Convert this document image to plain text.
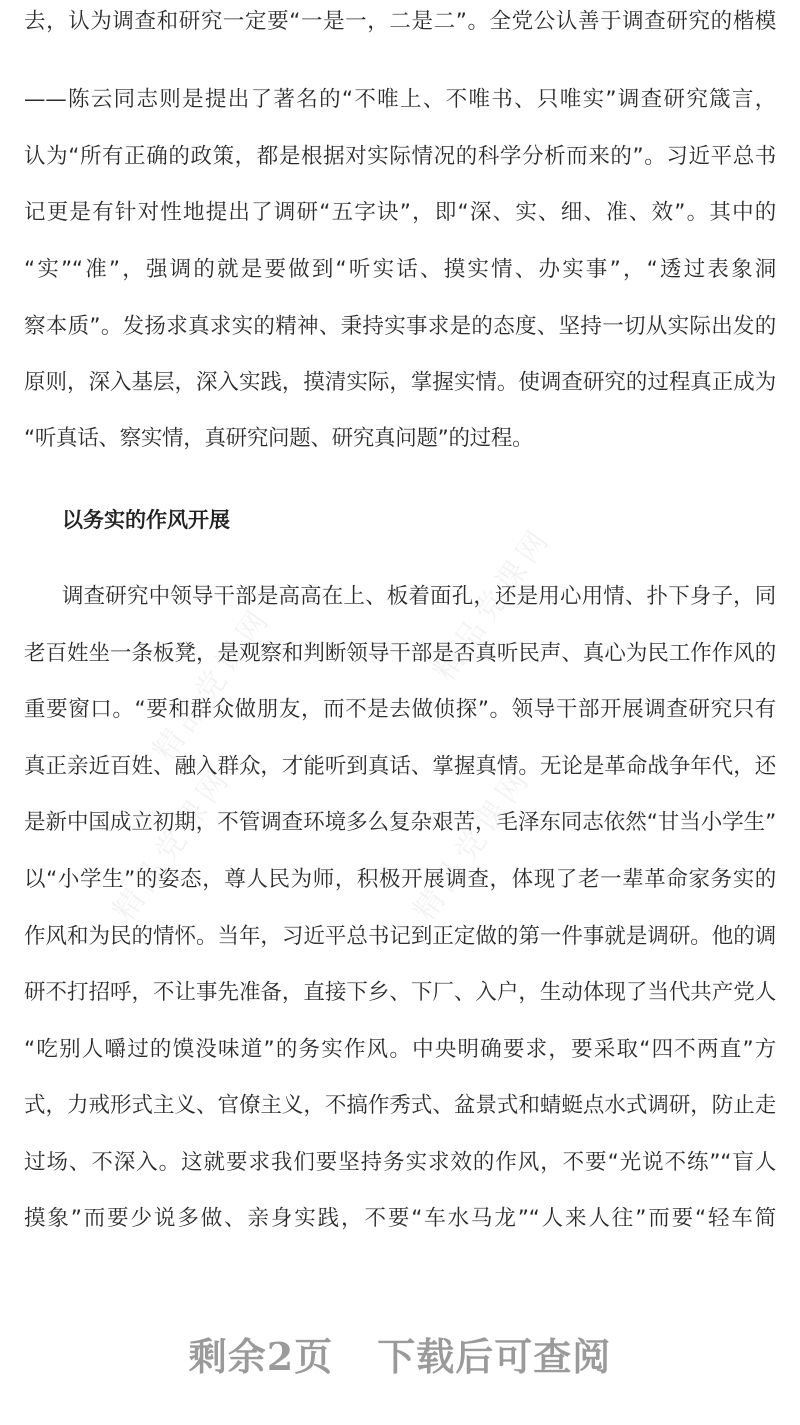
精品党课网
精品党课网	精品党课网
精品党课网
去，认为调查和研究一定要“一是一，二是二”。全党公认善于调查研究的楷模
——陈云同志则是提出了著名的“不唯上、不唯书、只唯实”调查研究箴言，
认为“所有正确的政策，都是根据对实际情况的科学分析而来的”。习近平总书
记更是有针对性地提出了调研“五字诀”，即“深、实、细、准、效”。其中的
“实”“准”，强调的就是要做到“听实话、摸实情、办实事”，“透过表象洞
察本质”。发扬求真求实的精神、秉持实事求是的态度、坚持一切从实际出发的
原则，深入基层，深入实践，摸清实际，掌握实情。使调查研究的过程真正成为
“听真话、察实情，真研究问题、研究真问题”的过程。
以务实的作风开展
调查研究中领导干部是高高在上、板着面孔，还是用心用情、扑下身子，同
老百姓坐一条板凳，是观察和判断领导干部是否真听民声、真心为民工作作风的
重要窗口。“要和群众做朋友，而不是去做侦探”。领导干部开展调查研究只有
真正亲近百姓、融入群众，才能听到真话、掌握真情。无论是革命战争年代，还
是新中国成立初期，不管调查环境多么复杂艰苦，毛泽东同志依然“甘当小学生”
以“小学生”的姿态，尊人民为师，积极开展调查，体现了老一辈革命家务实的
作风和为民的情怀。当年，习近平总书记到正定做的第一件事就是调研。他的调
研不打招呼，不让事先准备，直接下乡、下厂、入户，生动体现了当代共产党人
“吃别人嚼过的馍没味道”的务实作风。中央明确要求，要采取“四不两直”方
式，力戒形式主义、官僚主义，不搞作秀式、盆景式和蜻蜓点水式调研，防止走
过场、不深入。这就要求我们要坚持务实求效的作风，不要“光说不练”“盲人
摸象”而要少说多做、亲身实践，不要“车水马龙”“人来人往”而要“轻车简
剩余2页 下载后可查阅
